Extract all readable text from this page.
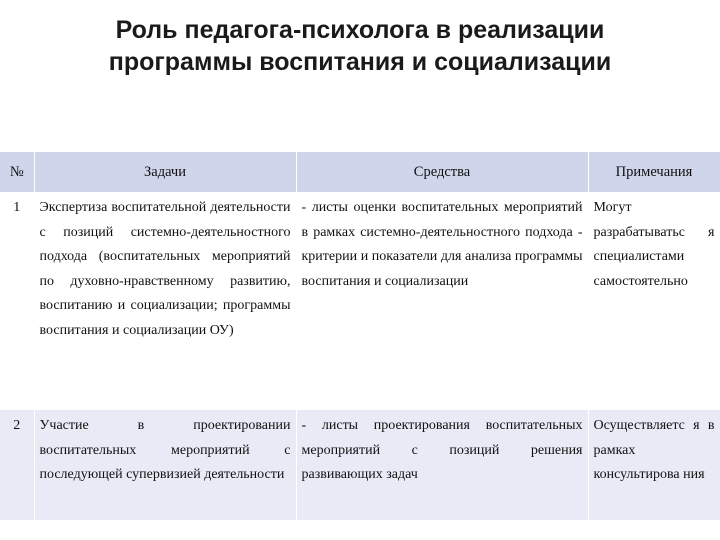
Роль педагога-психолога в реализации
программы воспитания и социализации
№	Задачи	Средства	Примечания
1	Экспертиза воспитательной деятельности с позиций системно-деятельностного подхода (воспитательных мероприятий по духовно-нравственному развитию, воспитанию и социализации; программы воспитания и социализации ОУ)	- листы оценки воспитательных мероприятий в рамках системно-деятельностного подхода - критерии и показатели для анализа программы воспитания и социализации	Могут разрабатыватьс я специалистами самостоятельно
2	Участие в проектировании воспитательных мероприятий с последующей супервизией деятельности	- листы проектирования воспитательных мероприятий с позиций решения развивающих задач	Осуществляетс я в рамках консультирова ния
